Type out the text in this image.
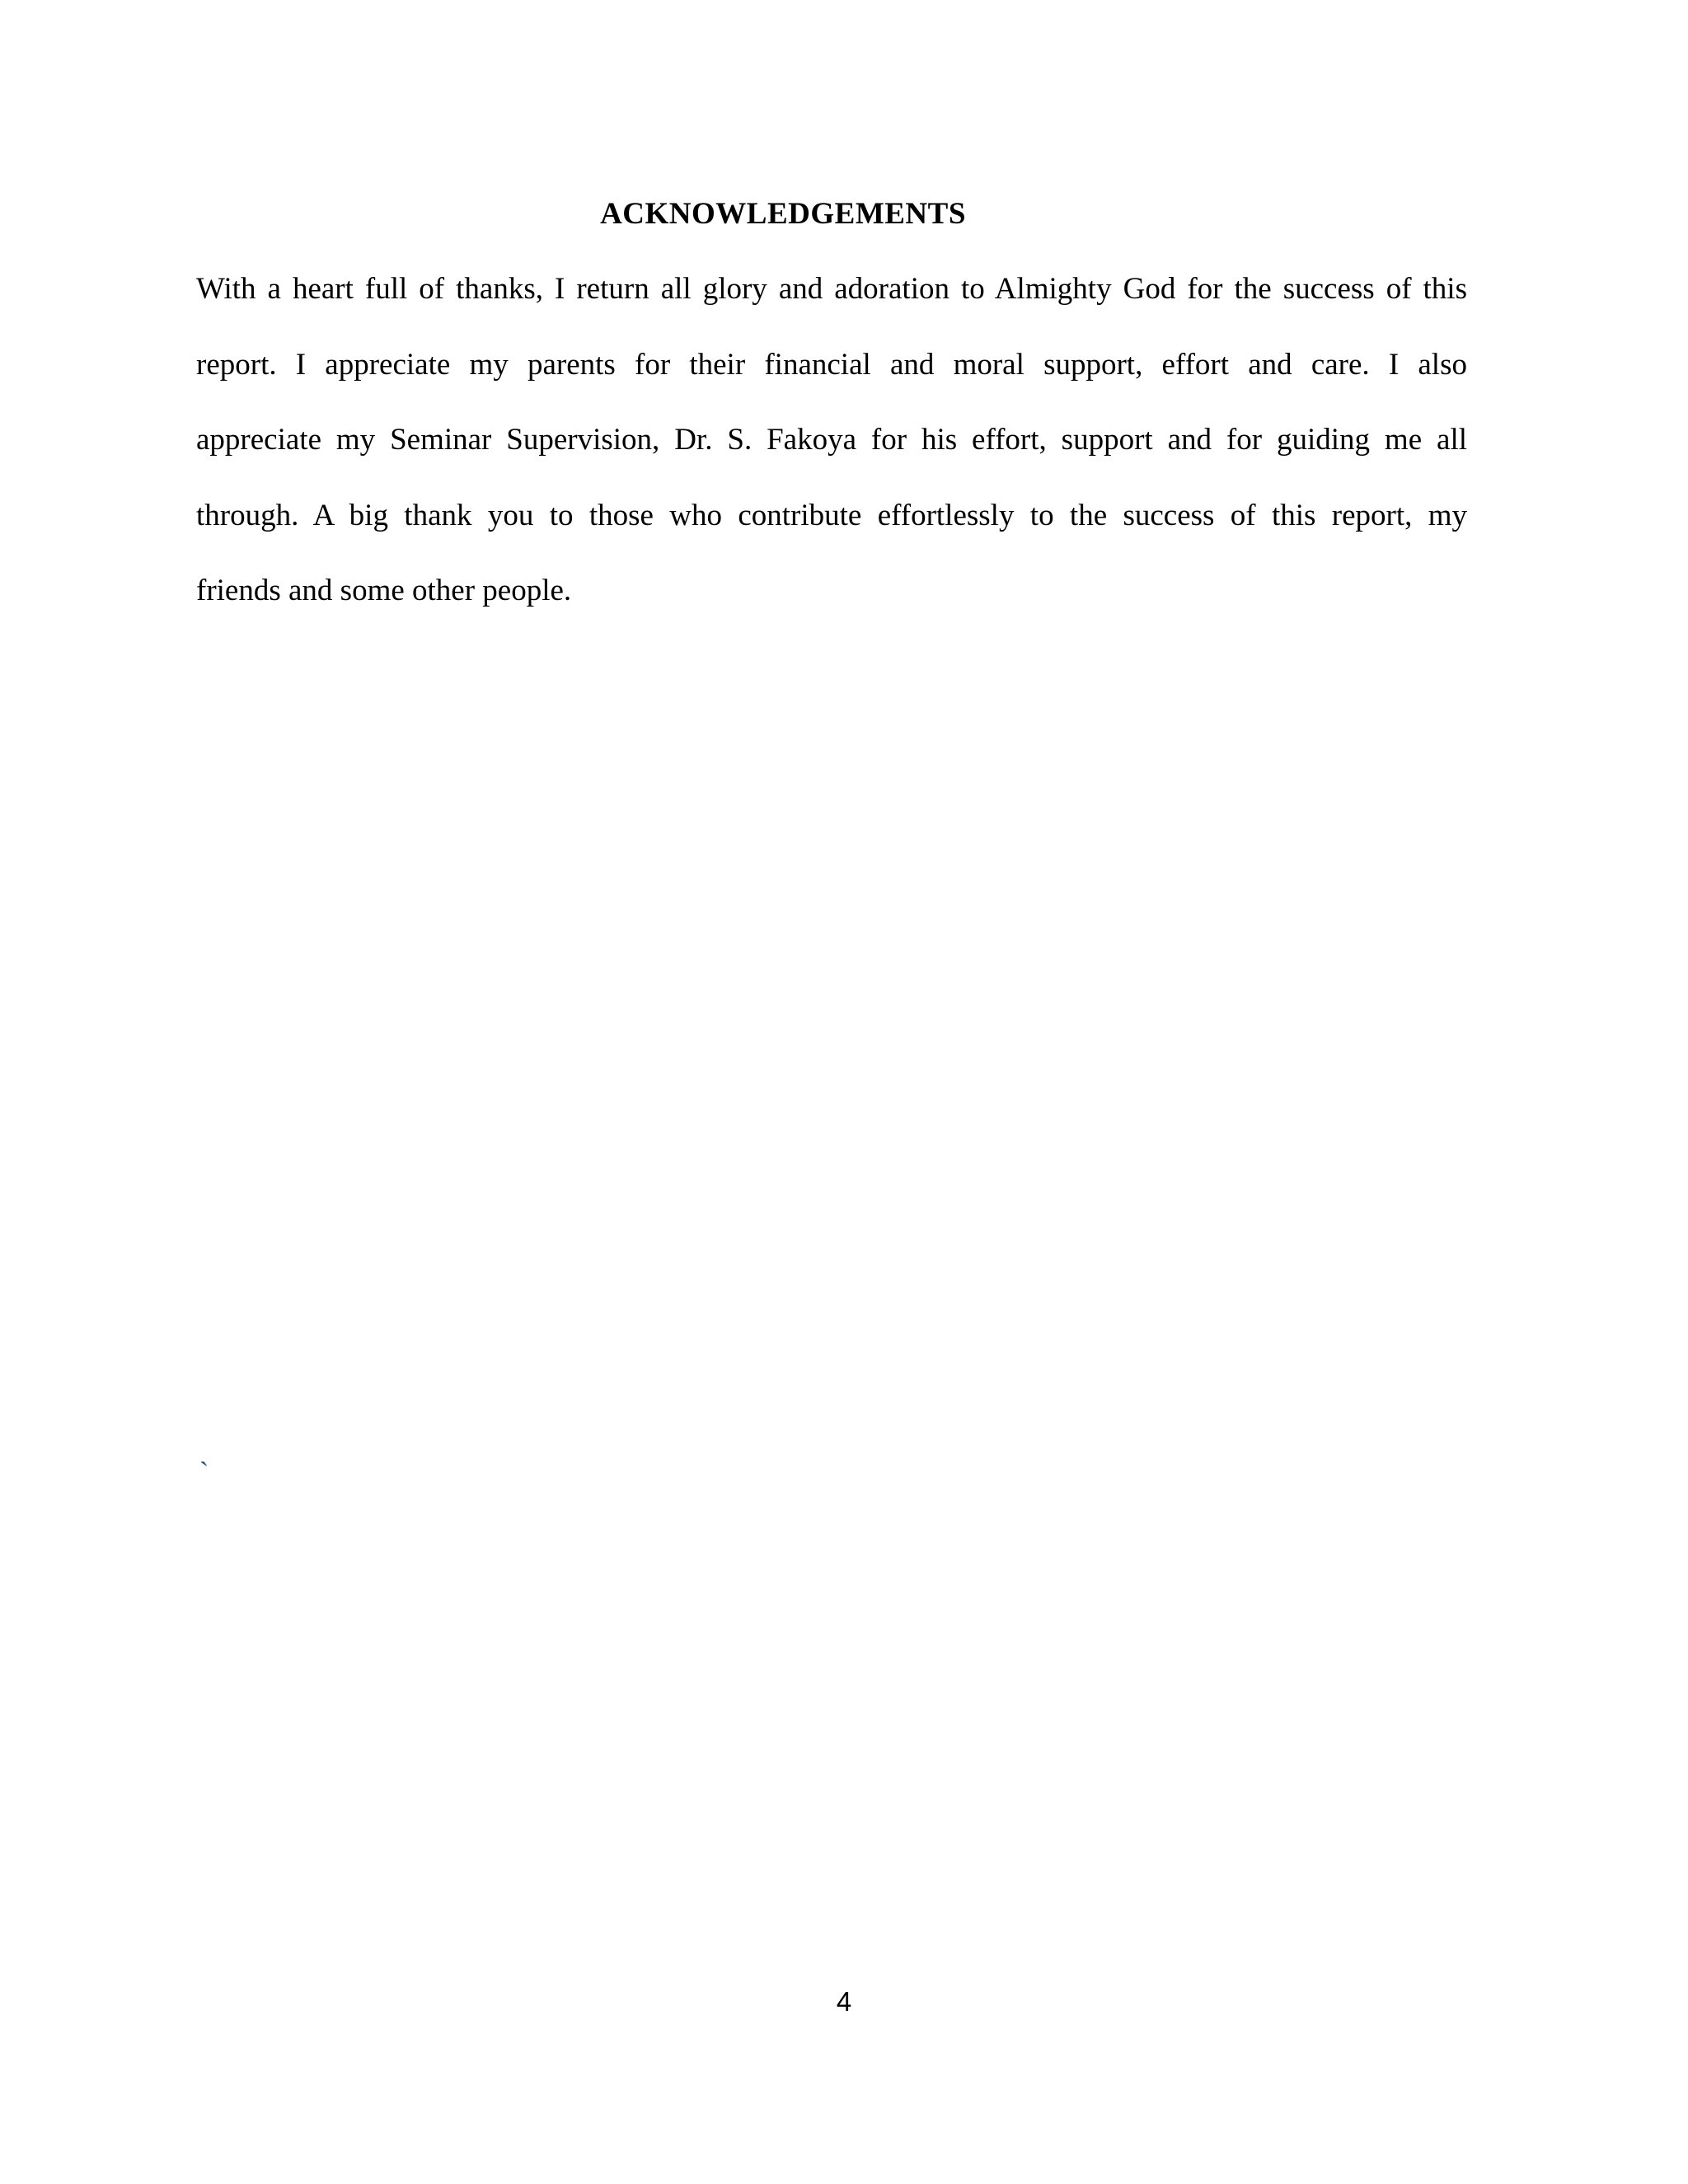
ACKNOWLEDGEMENTS
With a heart full of thanks, I return all glory and adoration to Almighty God for the success of this
report. I appreciate my parents for their financial and moral support, effort and care. I also
appreciate my Seminar Supervision, Dr. S. Fakoya for his effort, support and for guiding me all
through. A big thank you to those who contribute effortlessly to the success of this report, my
friends and some other people.
`
4
